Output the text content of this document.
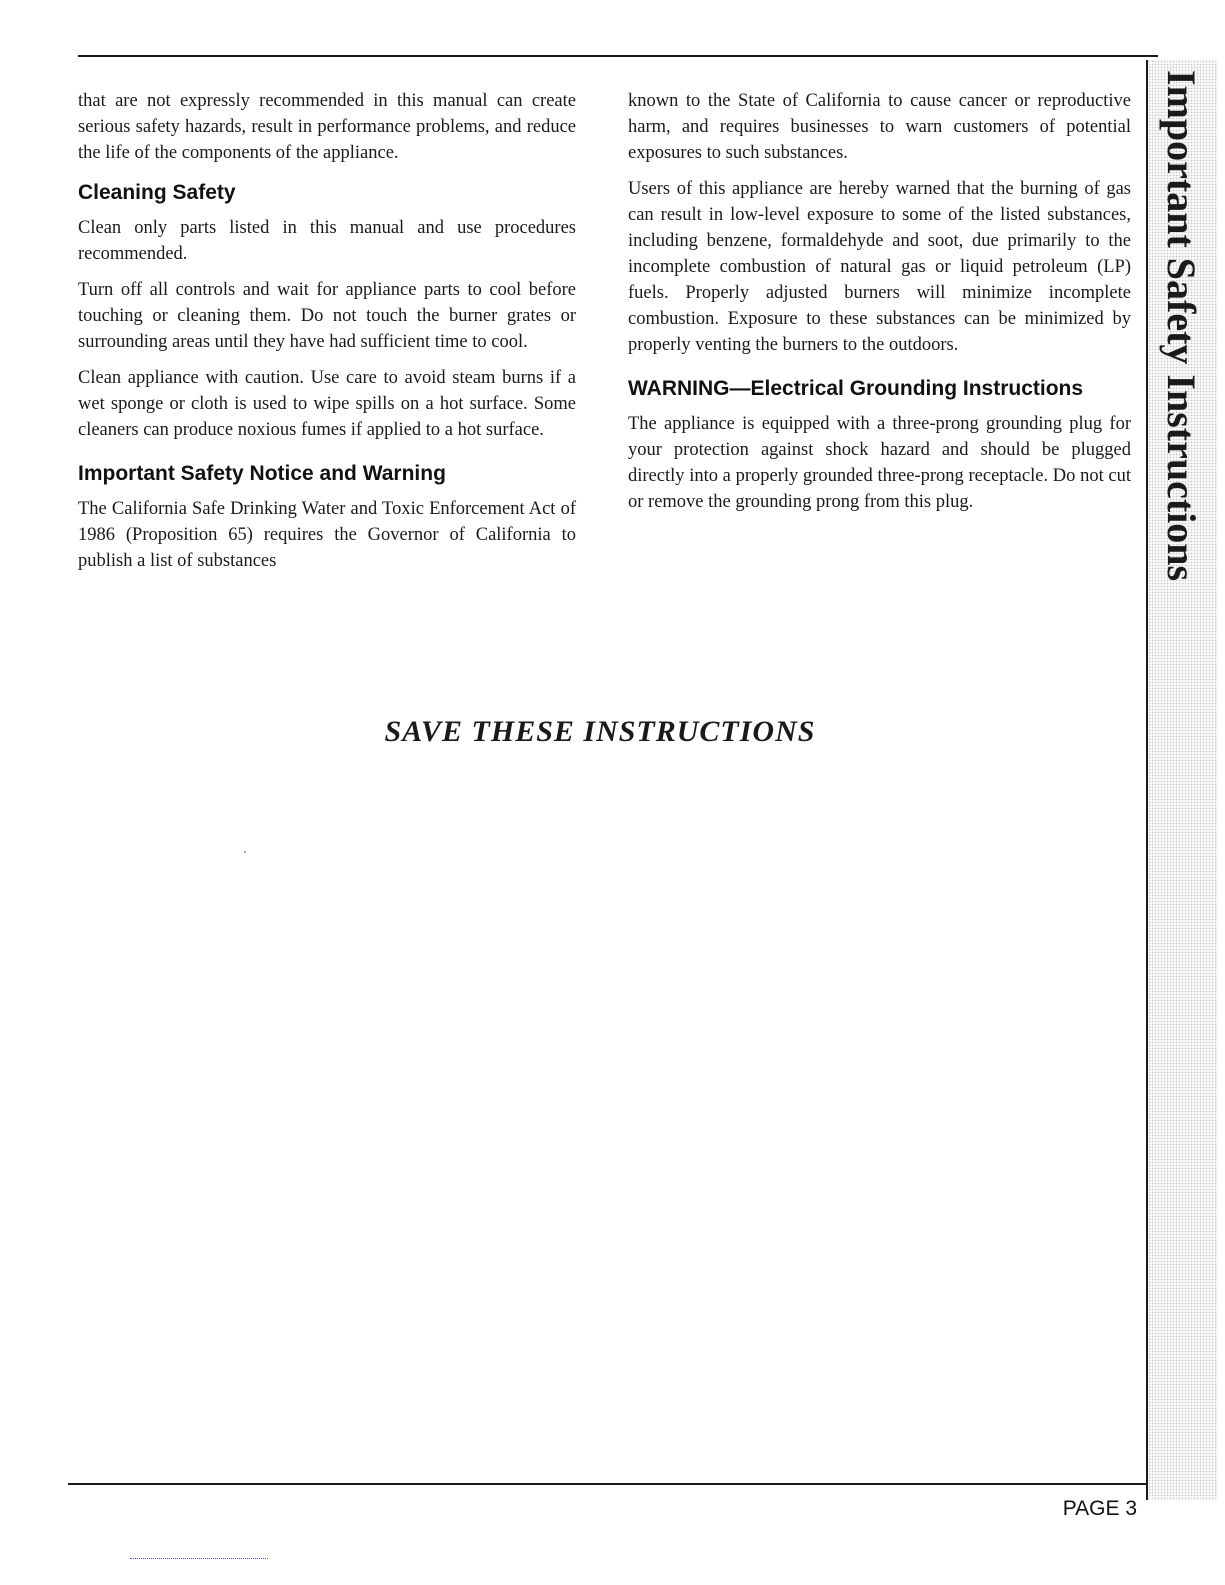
Important Safety Instructions

that are not expressly recommended in this manual can create serious safety hazards, result in performance problems, and reduce the life of the components of the appliance.

Cleaning Safety

Clean only parts listed in this manual and use procedures recommended.

Turn off all controls and wait for appliance parts to cool before touching or cleaning them. Do not touch the burner grates or surrounding areas until they have had sufficient time to cool.

Clean appliance with caution. Use care to avoid steam burns if a wet sponge or cloth is used to wipe spills on a hot surface. Some cleaners can produce noxious fumes if applied to a hot surface.

Important Safety Notice and Warning

The California Safe Drinking Water and Toxic Enforcement Act of 1986 (Proposition 65) requires the Governor of California to publish a list of substances

known to the State of California to cause cancer or reproductive harm, and requires businesses to warn customers of potential exposures to such substances.

Users of this appliance are hereby warned that the burning of gas can result in low-level exposure to some of the listed substances, including benzene, formaldehyde and soot, due primarily to the incomplete combustion of natural gas or liquid petroleum (LP) fuels. Properly adjusted burners will minimize incomplete combustion. Exposure to these substances can be minimized by properly venting the burners to the outdoors.

WARNING—Electrical Grounding Instructions

The appliance is equipped with a three-prong grounding plug for your protection against shock hazard and should be plugged directly into a properly grounded three-prong receptacle. Do not cut or remove the grounding prong from this plug.

SAVE THESE INSTRUCTIONS
PAGE 3
